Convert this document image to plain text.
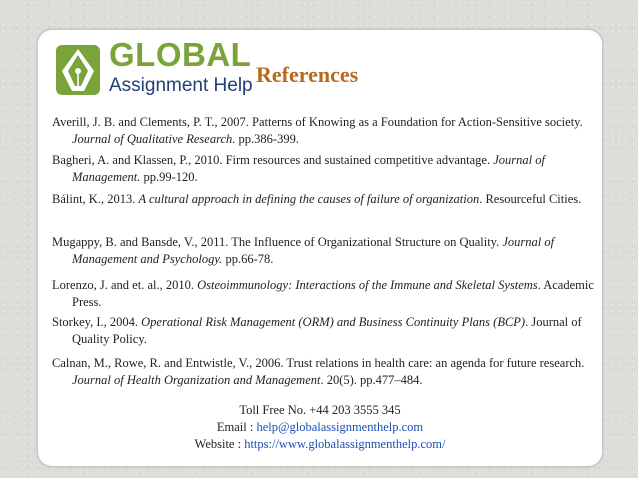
GLOBAL
Assignment Help References

Averill, J. B. and Clements, P. T., 2007. Patterns of Knowing as a Foundation for Action-Sensitive society. Journal of Qualitative Research. pp.386-399.

Bagheri, A. and Klassen, P., 2010. Firm resources and sustained competitive advantage. Journal of Management. pp.99-120.

Bálint, K., 2013. A cultural approach in defining the causes of failure of organization. Resourceful Cities.

Mugappy, B. and Bansde, V., 2011. The Influence of Organizational Structure on Quality. Journal of Management and Psychology. pp.66-78.

Lorenzo, J. and et. al., 2010. Osteoimmunology: Interactions of the Immune and Skeletal Systems. Academic Press.

Storkey, I., 2004. Operational Risk Management (ORM) and Business Continuity Plans (BCP). Journal of Quality Policy.

Calnan, M., Rowe, R. and Entwistle, V., 2006. Trust relations in health care: an agenda for future research. Journal of Health Organization and Management. 20(5). pp.477–484.

Toll Free No. +44 203 3555 345
Email : help@globalassignmenthelp.com
Website : https://www.globalassignmenthelp.com/
